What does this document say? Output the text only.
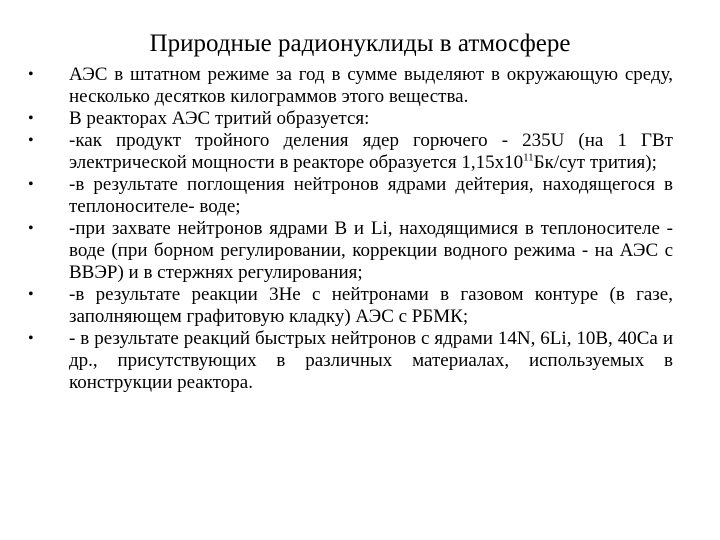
Природные радионуклиды в атмосфере
•	АЭС в штатном режиме за год в сумме выделяют в окружающую среду, несколько десятков килограммов этого вещества.
•	В реакторах АЭС тритий образуется:
•	-как продукт тройного деления ядер горючего - 235U (на 1 ГВт электрической мощности в реакторе образуется $1,15х10^{11}Бк$/сут трития);
•	-в результате поглощения нейтронов ядрами дейтерия, находящегося в теплоносителе- воде;
•	-при захвате нейтронов ядрами B и Li, находящимися в теплоносителе - воде (при борном регулировании, коррекции водного режима - на АЭС с ВВЭР) и в стержнях регулирования;
•	-в результате реакции 3He с нейтронами в газовом контуре (в газе, заполняющем графитовую кладку) АЭС с РБМК;
•	- в результате реакций быстрых нейтронов с ядрами 14N, 6Li, 10B, 40Ca и др., присутствующих в различных материалах, используемых в конструкции реактора.
